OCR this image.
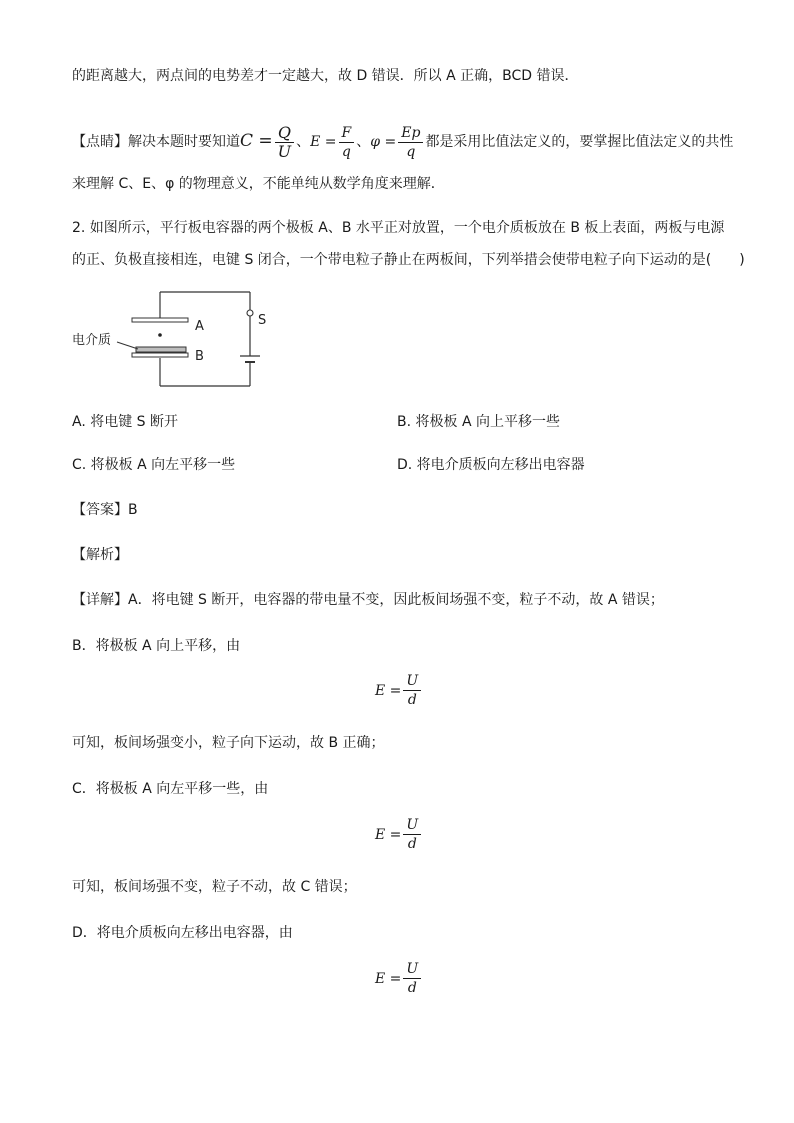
的距离越大，两点间的电势差才一定越大，故 D 错误．所以 A 正确，BCD 错误．
【点睛】解决本题时要知道$C = \frac{Q}{U}$ 、$E = \frac{F}{q}$ 、$\varphi = \frac{Ep}{q}$ 都是采用比值法定义的，要掌握比值法定义的共性
来理解 C、E、φ 的物理意义，不能单纯从数学角度来理解．
2. 如图所示，平行板电容器的两个极板 A、B 水平正对放置，一个电介质板放在 B 板上表面，两板与电源
的正、负极直接相连，电键 S 闭合，一个带电粒子静止在两板间，下列举措会使带电粒子向下运动的是(　　)
S
A
B
电介质
A. 将电键 S 断开	B. 将极板 A 向上平移一些
C. 将极板 A 向左平移一些	D. 将电介质板向左移出电容器
【答案】B
【解析】
【详解】A．将电键 S 断开，电容器的带电量不变，因此板间场强不变，粒子不动，故 A 错误；
B．将极板 A 向上平移，由
$E = \frac{U}{d}$
可知，板间场强变小，粒子向下运动，故 B 正确；
C．将极板 A 向左平移一些，由
$E = \frac{U}{d}$
可知，板间场强不变，粒子不动，故 C 错误；
D．将电介质板向左移出电容器，由
$E = \frac{U}{d}$
